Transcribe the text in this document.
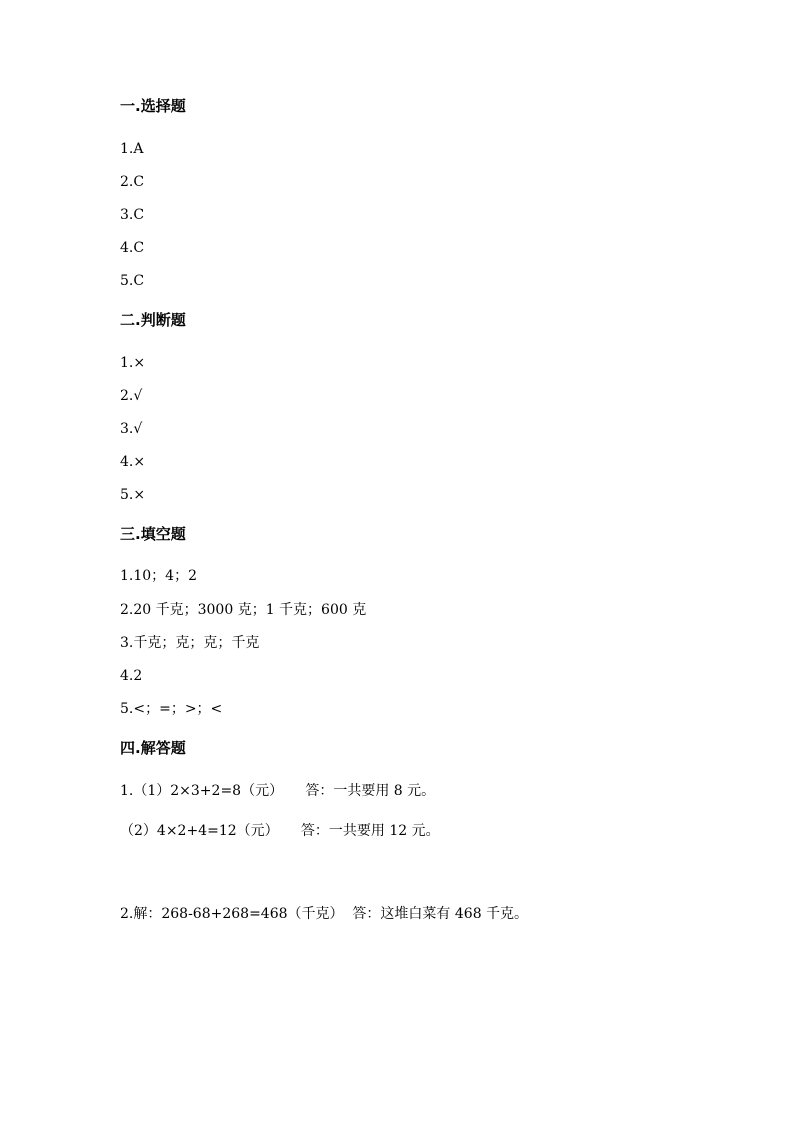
一.选择题

1.A

2.C

3.C

4.C

5.C

二.判断题

1.×

2.√

3.√

4.×

5.×

三.填空题

1.10；4；2

2.20 千克；3000 克；1 千克；600 克

3.千克；克；克；千克

4.2

5.<；=；>；<

四.解答题

1.（1）2×3+2=8（元）     答：一共要用 8 元。

（2）4×2+4=12（元）     答：一共要用 12 元。

2.解：268-68+268=468（千克）  答：这堆白菜有 468 千克。
